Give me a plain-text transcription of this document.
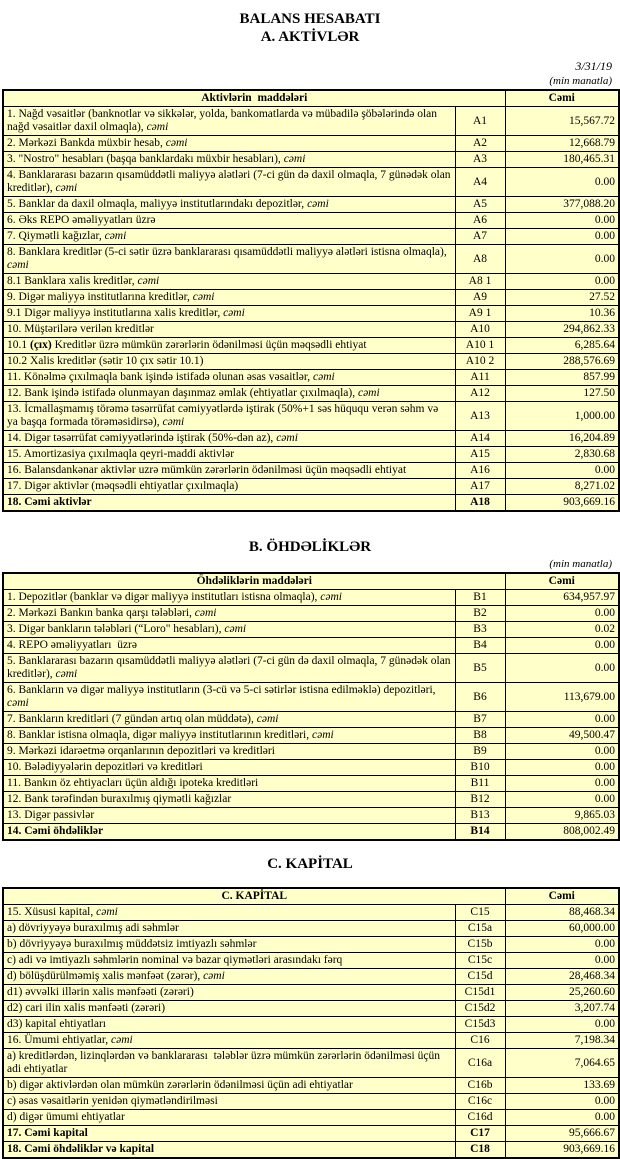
BALANS HESABATI
A. AKTİVLƏR
3/31/19
(min manatla)
Aktivlərin  maddələri		Cəmi
1. Nağd vəsaitlər (banknotlar və sikkələr, yolda, bankomatlarda və mübadilə şöbələrində olan nağd vəsaitlər daxil olmaqla), cəmi	A1	15,567.72
2. Mərkəzi Bankda müxbir hesab, cəmi	A2	12,668.79
3. "Nostro" hesabları (başqa banklardakı müxbir hesabları), cəmi	A3	180,465.31
4. Banklararası bazarın qısamüddətli maliyyə alətləri (7-ci gün də daxil olmaqla, 7 günədək olan kreditlər), cəmi	A4	0.00
5. Banklar da daxil olmaqla, maliyyə institutlarındakı depozitlər, cəmi	A5	377,088.20
6. Əks REPO əməliyyatları üzrə	A6	0.00
7. Qiymətli kağızlar, cəmi	A7	0.00
8. Banklara kreditlər (5-ci sətir üzrə banklararası qısamüddətli maliyyə alətləri istisna olmaqla), cəmi	A8	0.00
8.1 Banklara xalis kreditlər, cəmi	A8 1	0.00
9. Digər maliyyə institutlarına kreditlər, cəmi	A9	27.52
9.1 Digər maliyyə institutlarına xalis kreditlər, cəmi	A9 1	10.36
10. Müştərilərə verilən kreditlər	A10	294,862.33
10.1 (çıx) Kreditlər üzrə mümkün zərərlərin ödənilməsi üçün məqsədli ehtiyat	A10 1	6,285.64
10.2 Xalis kreditlər (sətir 10 çıx sətir 10.1)	A10 2	288,576.69
11. Könəlmə çıxılmaqla bank işində istifadə olunan əsas vəsaitlər, cəmi	A11	857.99
12. Bank işində istifadə olunmayan daşınmaz əmlak (ehtiyatlar çıxılmaqla), cəmi	A12	127.50
13. İcmallaşmamış törəmə təsərrüfat cəmiyyətlərdə iştirak (50%+1 səs hüququ verən səhm və ya başqa formada törəməsidirsə), cəmi	A13	1,000.00
14. Digər təsərrüfat cəmiyyətlərində iştirak (50%-dən az), cəmi	A14	16,204.89
15. Amortizasiya çıxılmaqla qeyri-maddi aktivlər	A15	2,830.68
16. Balansdankənar aktivlər uzrə mümkün zərərlərin ödənilməsi üçün məqsədli ehtiyat	A16	0.00
17. Digər aktivlər (məqsədli ehtiyatlar çıxılmaqla)	A17	8,271.02
18. Cəmi aktivlər	A18	903,669.16
B. ÖHDƏLİKLƏR
(min manatla)
Öhdəliklərin maddələri		Cəmi
1. Depozitlər (banklar və digər maliyyə institutları istisna olmaqla), cəmi	B1	634,957.97
2. Mərkəzi Bankın banka qarşı tələbləri, cəmi	B2	0.00
3. Digər bankların tələbləri (“Loro" hesabları), cəmi	B3	0.02
4. REPO əməliyyatları  üzrə	B4	0.00
5. Banklararası bazarın qısamüddətli maliyyə alətləri (7-ci gün də daxil olmaqla, 7 günədək olan kreditlər), cəmi	B5	0.00
6. Bankların və digər maliyyə institutların (3-cü və 5-ci sətirlər istisna edilməklə) depozitləri, cəmi	B6	113,679.00
7. Bankların kreditləri (7 gündən artıq olan müddətə), cəmi	B7	0.00
8. Banklar istisna olmaqla, digər maliyyə institutlarının kreditləri, cəmi	B8	49,500.47
9. Mərkəzi idarəetmə orqanlarının depozitləri və kreditləri	B9	0.00
10. Bələdiyyələrin depozitləri və kreditləri	B10	0.00
11. Bankın öz ehtiyacları üçün aldığı ipoteka kreditləri	B11	0.00
12. Bank tərəfindən buraxılmış qiymətli kağızlar	B12	0.00
13. Digər passivlər	B13	9,865.03
14. Cəmi öhdəliklər	B14	808,002.49
C. KAPİTAL
C. KAPİTAL		Cəmi
15. Xüsusi kapital, cəmi	C15	88,468.34
a) dövriyyəyə buraxılmış adi səhmlər	C15a	60,000.00
b) dövriyyəyə buraxılmış müddətsiz imtiyazlı səhmlər	C15b	0.00
c) adi və imtiyazlı səhmlərin nominal və bazar qiymətləri arasındakı fərq	C15c	0.00
d) bölüşdürülməmiş xalis mənfəət (zərər), cəmi	C15d	28,468.34
d1) əvvəlki illərin xalis mənfəəti (zərəri)	C15d1	25,260.60
d2) cari ilin xalis mənfəəti (zərəri)	C15d2	3,207.74
d3) kapital ehtiyatları	C15d3	0.00
16. Ümumi ehtiyatlar, cəmi	C16	7,198.34
a) kreditlərdən, lizinqlərdən və banklararası  tələblər üzrə mümkün zərərlərin ödənilməsi üçün adi ehtiyatlar	C16a	7,064.65
b) digər aktivlərdən olan mümkün zərərlərin ödənilməsi üçün adi ehtiyatlar	C16b	133.69
c) əsas vəsaitlərin yenidən qiymətləndirilməsi	C16c	0.00
d) digər ümumi ehtiyatlar	C16d	0.00
17. Cəmi kapital	C17	95,666.67
18. Cəmi öhdəliklər və kapital	C18	903,669.16
